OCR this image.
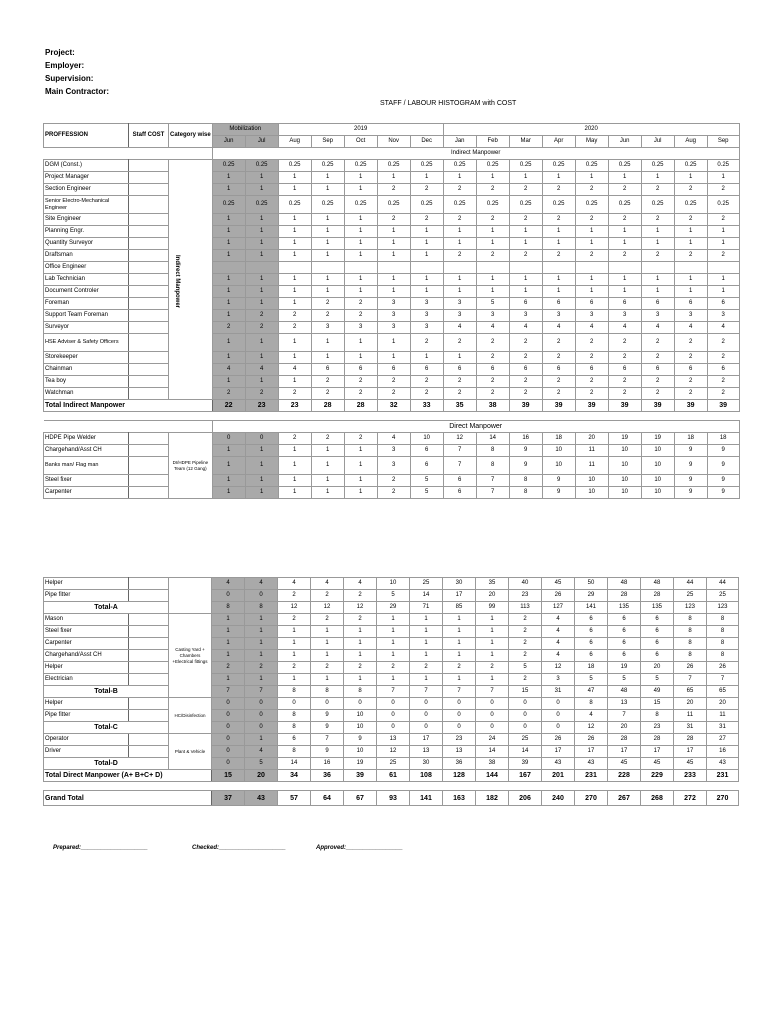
Project:
Employer:
Supervision:
Main Contractor:
STAFF / LABOUR HISTOGRAM with COST
PROFFESSION	Staff COST	Category wise	Mobilization		2019					2020								
			Jun	Jul	Aug	Sep	Oct	Nov	Dec	Jan	Feb	Mar	Apr	May	Jun	Jul	Aug	Sep
			Indirect Manpower															
DGM (Const.)			0.25	0.25	0.25	0.25	0.25	0.25	0.25	0.25	0.25	0.25	0.25	0.25	0.25	0.25	0.25	0.25
Project Manager			1	1	1	1	1	1	1	1	1	1	1	1	1	1	1	1
Section Engineer			1	1	1	1	1	2	2	2	2	2	2	2	2	2	2	2
Senior Electro-Mechanical Engineer			0.25	0.25	0.25	0.25	0.25	0.25	0.25	0.25	0.25	0.25	0.25	0.25	0.25	0.25	0.25	0.25
Site Engineer			1	1	1	1	1	2	2	2	2	2	2	2	2	2	2	2
Planning Engr.			1	1	1	1	1	1	1	1	1	1	1	1	1	1	1	1
Quantity Surveyor			1	1	1	1	1	1	1	1	1	1	1	1	1	1	1	1
Draftsman			1	1	1	1	1	1	1	2	2	2	2	2	2	2	2	2
Office Engineer																		
Lab Technician			1	1	1	1	1	1	1	1	1	1	1	1	1	1	1	1
Document Controler			1	1	1	1	1	1	1	1	1	1	1	1	1	1	1	1
Foreman			1	1	1	2	2	3	3	3	5	6	6	6	6	6	6	6
Support Team Foreman			1	2	2	2	2	3	3	3	3	3	3	3	3	3	3	3
Surveyor			2	2	2	3	3	3	3	4	4	4	4	4	4	4	4	4
HSE Adviser & Safety Officers			1	1	1	1	1	1	2	2	2	2	2	2	2	2	2	2
Storekeeper			1	1	1	1	1	1	1	1	2	2	2	2	2	2	2	2
Chainman			4	4	4	6	6	6	6	6	6	6	6	6	6	6	6	6
Tea boy			1	1	1	2	2	2	2	2	2	2	2	2	2	2	2	2
Watchman			2	2	2	2	2	2	2	2	2	2	2	2	2	2	2	2
Total Indirect Manpower			22	23	23	28	28	32	33	35	38	39	39	39	39	39	39	39

			Direct Manpower															
HDPE Pipe Welder		DI/HDPE Pipeline Team (12 Gang)	0	0	2	2	2	4	10	12	14	16	18	20	19	19	18	18
Chargehand/Asst CH			1	1	1	1	1	3	6	7	8	9	10	11	10	10	9	9
Banks man/ Flag man			1	1	1	1	1	3	6	7	8	9	10	11	10	10	9	9
Steel fixer			1	1	1	1	1	2	5	6	7	8	9	10	10	10	9	9
Carpenter			1	1	1	1	1	2	5	6	7	8	9	10	10	10	9	9
Indirect Manpower
Helper			4	4	4	4	4	10	25	30	35	40	45	50	48	48	44	44
Pipe fitter			0	0	2	2	2	5	14	17	20	23	26	29	28	28	25	25
Total-A			8	8	12	12	12	29	71	85	99	113	127	141	135	135	123	123
Mason		Casting Yard + Chambers +Electrical fittings	1	1	2	2	2	1	1	1	1	2	4	6	6	6	8	8
Steel fixer			1	1	1	1	1	1	1	1	1	2	4	6	6	6	8	8
Carpenter			1	1	1	1	1	1	1	1	1	2	4	6	6	6	8	8
Chargehand/Asst CH			1	1	1	1	1	1	1	1	1	2	4	6	6	6	8	8
Helper			2	2	2	2	2	2	2	2	2	5	12	18	19	20	26	26
Electrician			1	1	1	1	1	1	1	1	1	2	3	5	5	5	7	7
Total-B			7	7	8	8	8	7	7	7	7	15	31	47	48	49	65	65
Helper		HC/Disinfection	0	0	0	0	0	0	0	0	0	0	0	8	13	15	20	20
Pipe fitter			0	0	8	9	10	0	0	0	0	0	0	4	7	8	11	11
Total-C			0	0	8	9	10	0	0	0	0	0	0	12	20	23	31	31
Operator		Plant & Vehicle	0	1	6	7	9	13	17	23	24	25	26	26	28	28	28	27
Driver			0	4	8	9	10	12	13	13	14	14	17	17	17	17	17	16
Total-D			0	5	14	16	19	25	30	36	38	39	43	43	45	45	45	43
Total Direct Manpower (A+ B+C+ D)			15	20	34	36	39	61	108	128	144	167	201	231	228	229	233	231

Grand Total			37	43	57	64	67	93	141	163	182	206	240	270	267	268	272	270
Prepared:____________________	Checked:____________________	Approved:_________________
